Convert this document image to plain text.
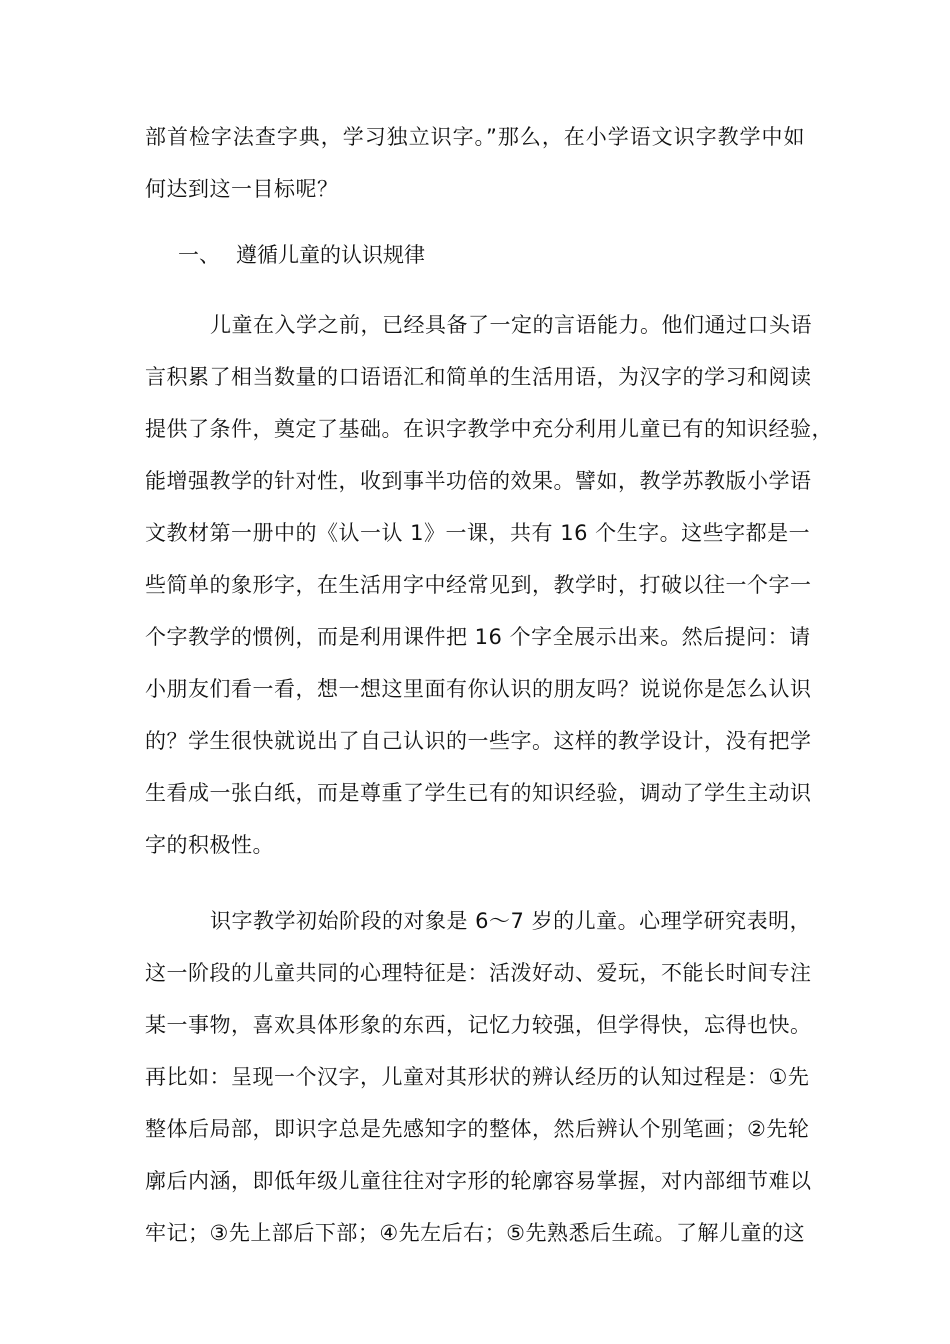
部首检字法查字典，学习独立识字。”那么，在小学语文识字教学中如
何达到这一目标呢？
一、 遵循儿童的认识规律
儿童在入学之前，已经具备了一定的言语能力。他们通过口头语
言积累了相当数量的口语语汇和简单的生活用语，为汉字的学习和阅读
提供了条件，奠定了基础。在识字教学中充分利用儿童已有的知识经验，
能增强教学的针对性，收到事半功倍的效果。譬如，教学苏教版小学语
文教材第一册中的《认一认 1》一课，共有 16 个生字。这些字都是一
些简单的象形字，在生活用字中经常见到，教学时，打破以往一个字一
个字教学的惯例，而是利用课件把 16 个字全展示出来。然后提问：请
小朋友们看一看，想一想这里面有你认识的朋友吗？说说你是怎么认识
的？学生很快就说出了自己认识的一些字。这样的教学设计，没有把学
生看成一张白纸，而是尊重了学生已有的知识经验，调动了学生主动识
字的积极性。
识字教学初始阶段的对象是 6～7 岁的儿童。心理学研究表明，
这一阶段的儿童共同的心理特征是：活泼好动、爱玩，不能长时间专注
某一事物，喜欢具体形象的东西，记忆力较强，但学得快，忘得也快。
再比如：呈现一个汉字，儿童对其形状的辨认经历的认知过程是：①先
整体后局部，即识字总是先感知字的整体，然后辨认个别笔画；②先轮
廓后内涵，即低年级儿童往往对字形的轮廓容易掌握，对内部细节难以
牢记；③先上部后下部；④先左后右；⑤先熟悉后生疏。了解儿童的这
